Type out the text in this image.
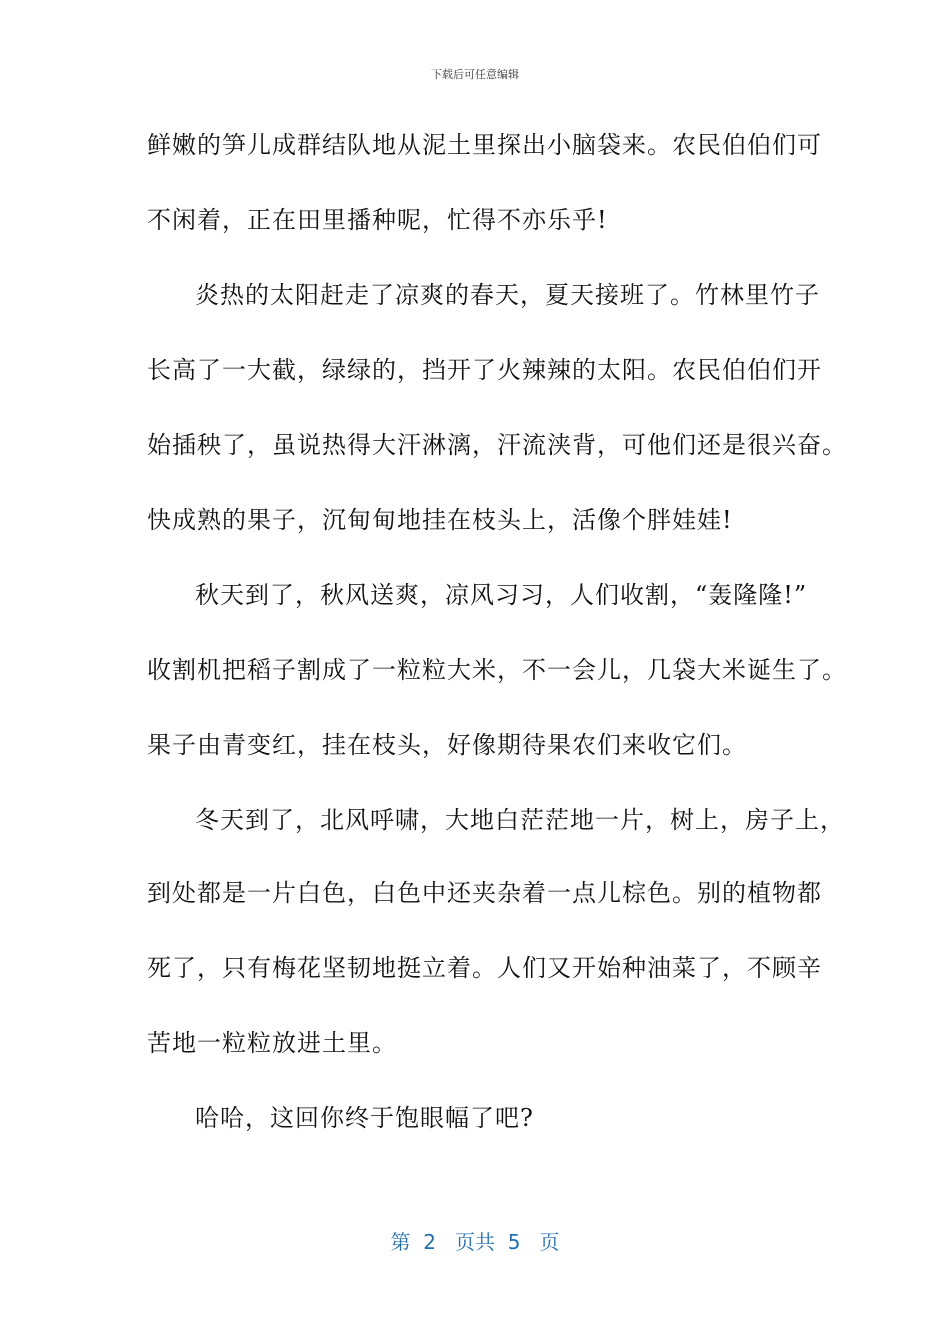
下载后可任意编辑
鲜嫩的笋儿成群结队地从泥土里探出小脑袋来。农民伯伯们可
不闲着，正在田里播种呢，忙得不亦乐乎!
炎热的太阳赶走了凉爽的春天，夏天接班了。竹林里竹子
长高了一大截，绿绿的，挡开了火辣辣的太阳。农民伯伯们开
始插秧了，虽说热得大汗淋漓，汗流浃背，可他们还是很兴奋。
快成熟的果子，沉甸甸地挂在枝头上，活像个胖娃娃!
秋天到了，秋风送爽，凉风习习，人们收割，“轰隆隆!”
收割机把稻子割成了一粒粒大米，不一会儿，几袋大米诞生了。
果子由青变红，挂在枝头，好像期待果农们来收它们。
冬天到了，北风呼啸，大地白茫茫地一片，树上，房子上，
到处都是一片白色，白色中还夹杂着一点儿棕色。别的植物都
死了，只有梅花坚韧地挺立着。人们又开始种油菜了，不顾辛
苦地一粒粒放进土里。
哈哈，这回你终于饱眼幅了吧?
第  2   页共  5   页
